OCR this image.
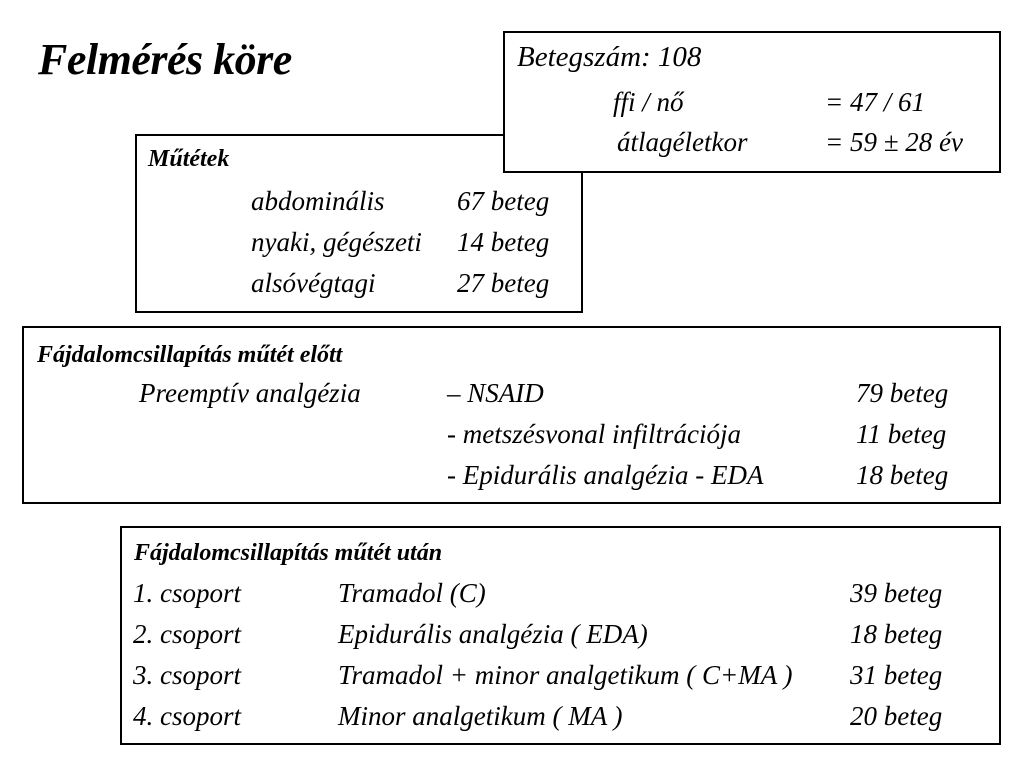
Felmérés köre	Betegszám: 108
ffi / nő	= 47 / 61
átlagéletkor	= 59 ± 28 év
Műtétek
abdominális	67 beteg
nyaki, gégészeti 14 beteg
alsóvégtagi	27 beteg
Fájdalomcsillapítás műtét előtt
Preemptív analgézia	– NSAID	79 beteg
- metszésvonal infiltrációja	11 beteg
- Epidurális analgézia - EDA	18 beteg
Fájdalomcsillapítás műtét után
1. csoport	Tramadol (C)	39 beteg
2. csoport	Epidurális analgézia ( EDA)	18 beteg
3. csoport	Tramadol + minor analgetikum ( C+MA ) 31 beteg
4. csoport	Minor analgetikum ( MA )	20 beteg
